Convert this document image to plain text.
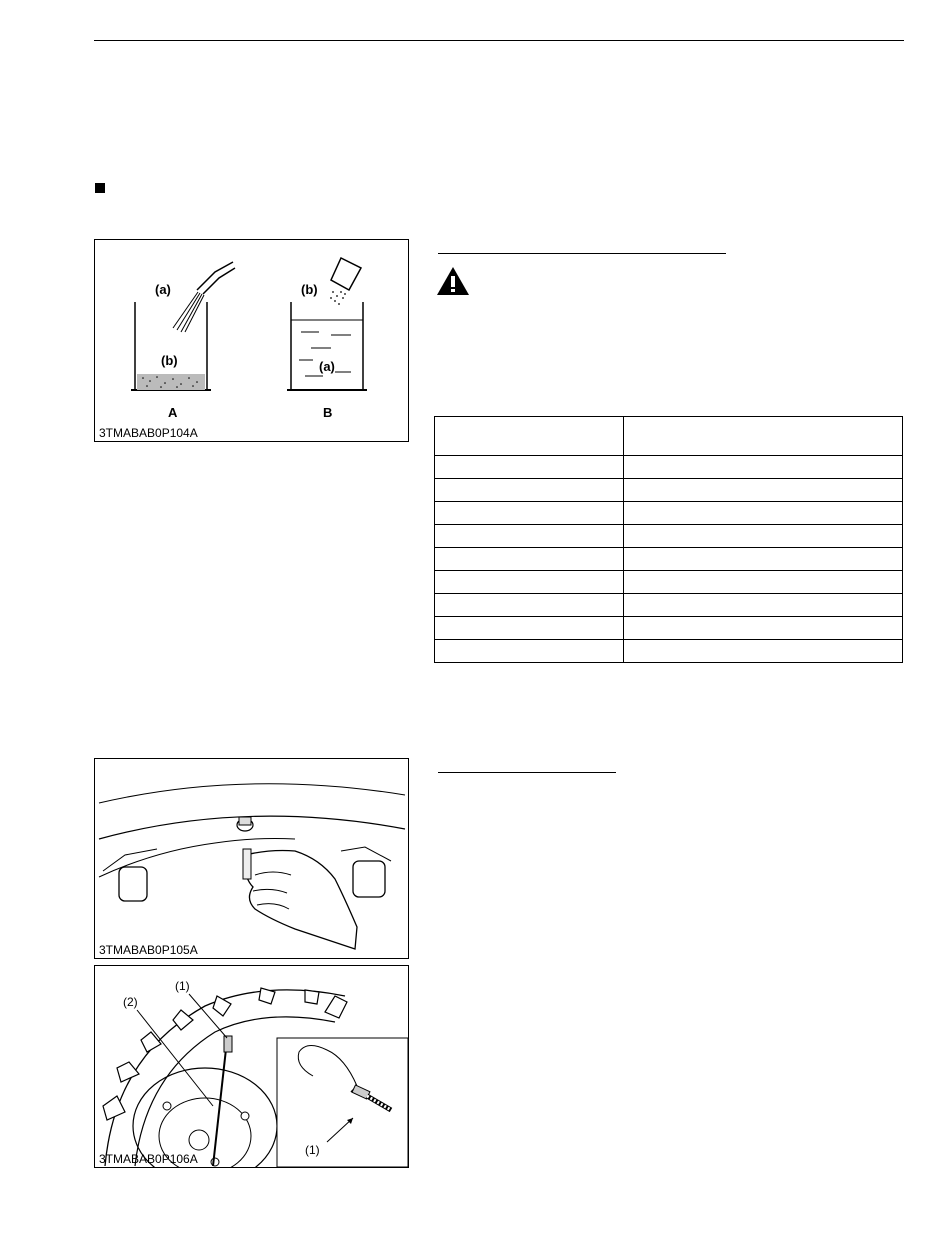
(a)
(b)
A
(b)
(a)
B
3TMABAB0P104A

3TMABAB0P105A
(1)
(2)
(1)
3TMABAB0P106A
